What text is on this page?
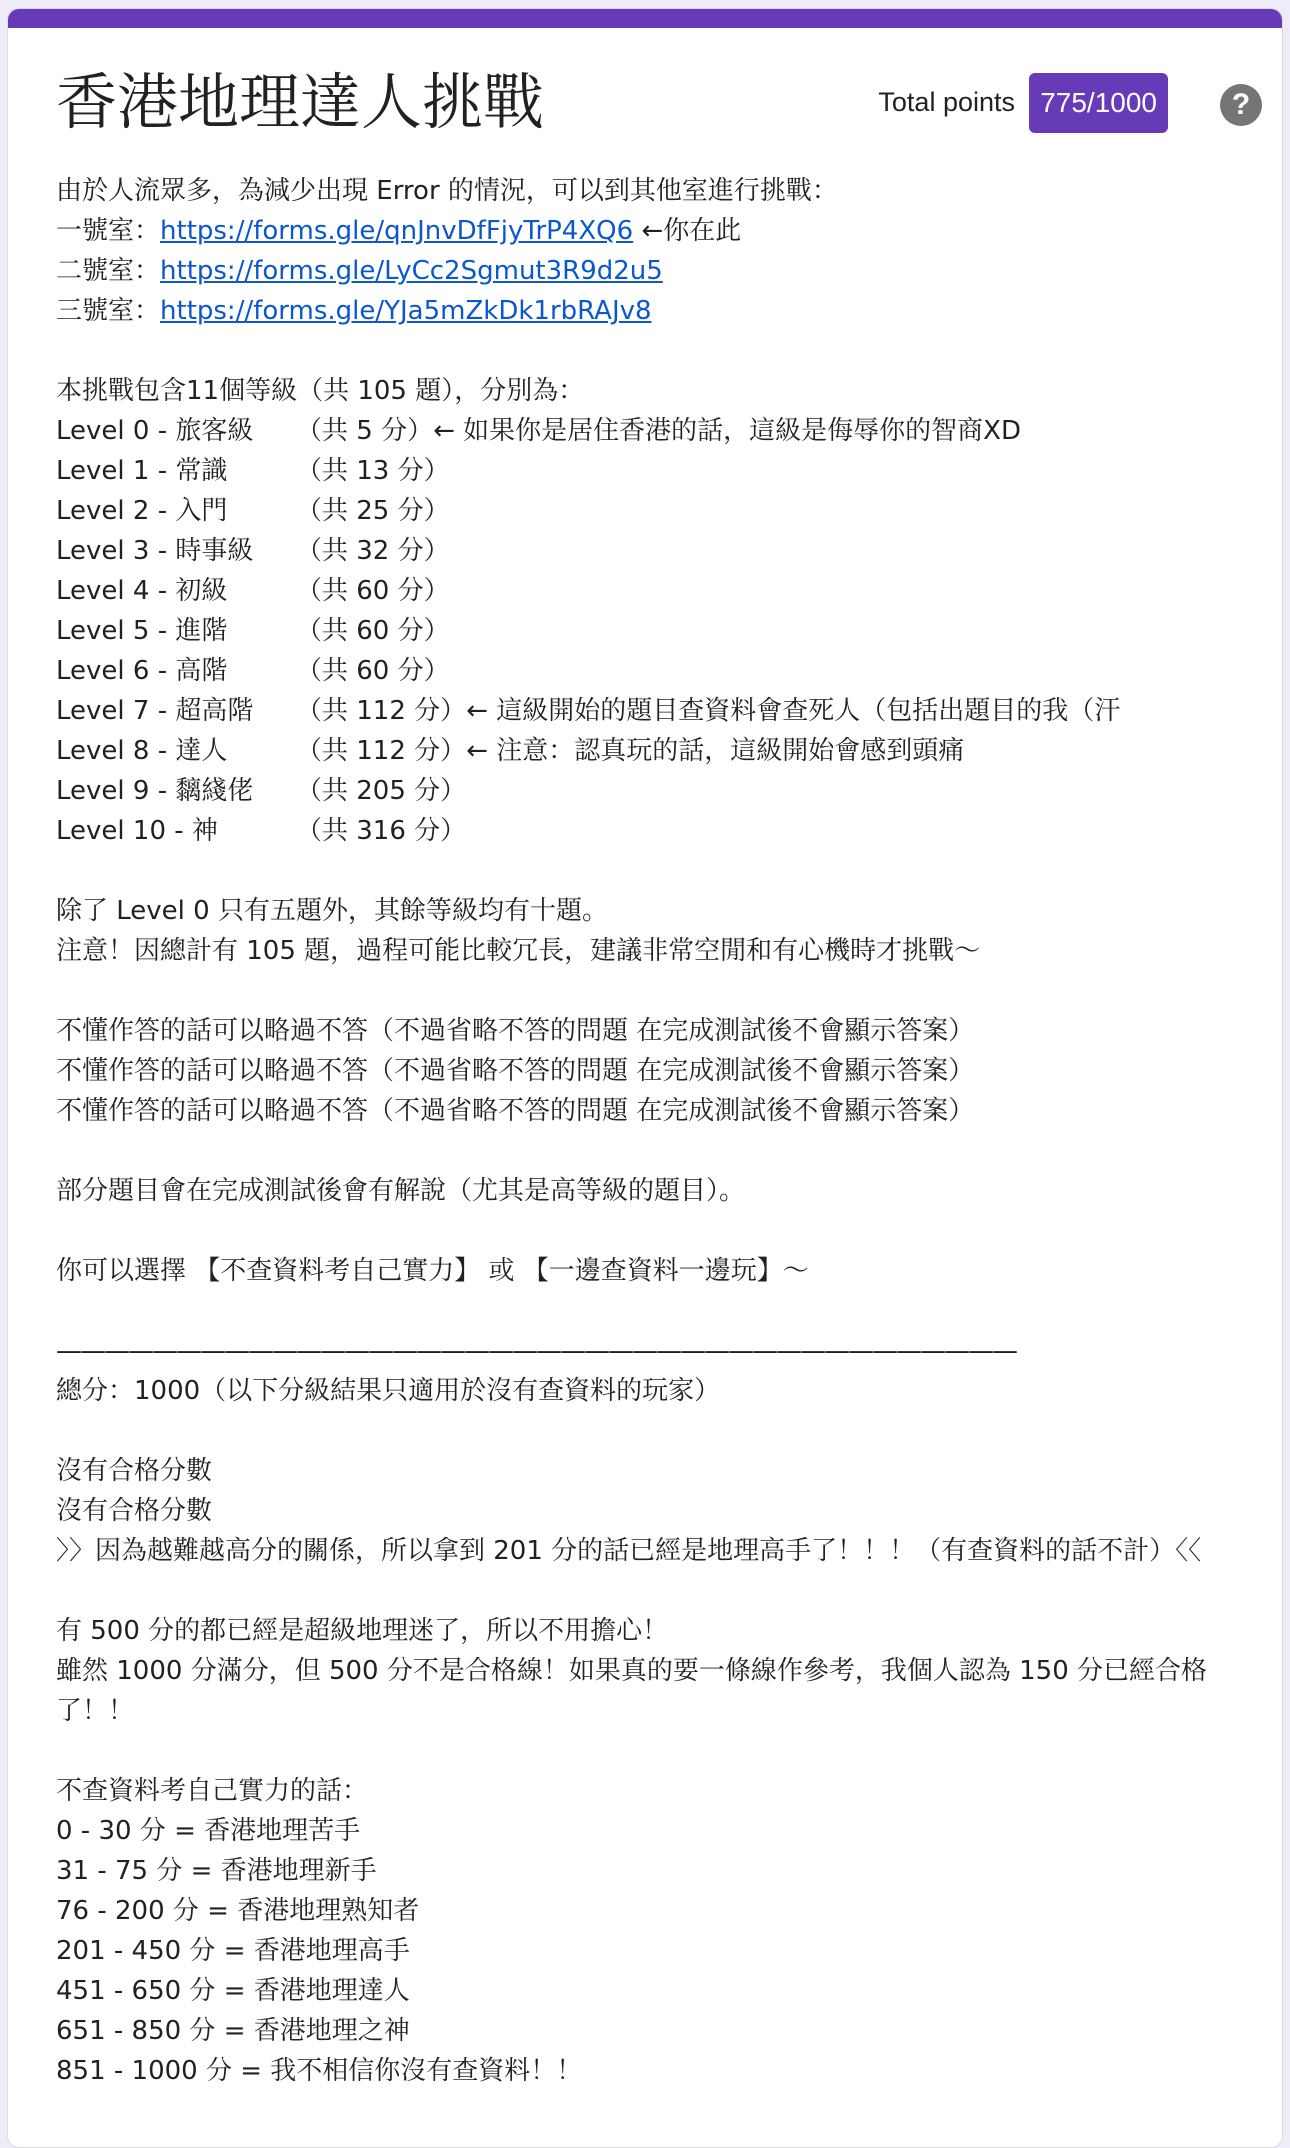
香港地理達人挑戰	Total points 775/1000	?
由於人流眾多，為減少出現 Error 的情況，可以到其他室進行挑戰：
一號室：https://forms.gle/qnJnvDfFjyTrP4XQ6 ←你在此
二號室：https://forms.gle/LyCc2Sgmut3R9d2u5
三號室：https://forms.gle/YJa5mZkDk1rbRAJv8
本挑戰包含11個等級（共 105 題），分別為：
Level 0 - 旅客級	（共 5 分） ← 如果你是居住香港的話，這級是侮辱你的智商XD
Level 1 - 常識	（共 13 分）
Level 2 - 入門	（共 25 分）
Level 3 - 時事級	（共 32 分）
Level 4 - 初級	（共 60 分）
Level 5 - 進階	（共 60 分）
Level 6 - 高階	（共 60 分）
Level 7 - 超高階	（共 112 分） ← 這級開始的題目查資料會查死人（包括出題目的我（汗
Level 8 - 達人	（共 112 分） ← 注意：認真玩的話，這級開始會感到頭痛
Level 9 - 黐綫佬	（共 205 分）
Level 10 - 神	（共 316 分）
除了 Level 0 只有五題外，其餘等級均有十題。
注意！因總計有 105 題，過程可能比較冗長，建議非常空閒和有心機時才挑戰〜
不懂作答的話可以略過不答（不過省略不答的問題 在完成測試後不會顯示答案）
不懂作答的話可以略過不答（不過省略不答的問題 在完成測試後不會顯示答案）
不懂作答的話可以略過不答（不過省略不答的問題 在完成測試後不會顯示答案）
部分題目會在完成測試後會有解說（尤其是高等級的題目）。
你可以選擇 【不查資料考自己實力】 或 【一邊查資料一邊玩】〜
————————————————————————————————————————
總分：1000（以下分級結果只適用於沒有查資料的玩家）
沒有合格分數
沒有合格分數
〉〉因為越難越高分的關係，所以拿到 201 分的話已經是地理高手了！！！（有查資料的話不計）〈〈
有 500 分的都已經是超級地理迷了，所以不用擔心！
雖然 1000 分滿分，但 500 分不是合格線！如果真的要一條線作參考，我個人認為 150 分已經合格了！！
不查資料考自己實力的話：
0 - 30 分 = 香港地理苦手
31 - 75 分 = 香港地理新手
76 - 200 分 = 香港地理熟知者
201 - 450 分 = 香港地理高手
451 - 650 分 = 香港地理達人
651 - 850 分 = 香港地理之神
851 - 1000 分 = 我不相信你沒有查資料！！
